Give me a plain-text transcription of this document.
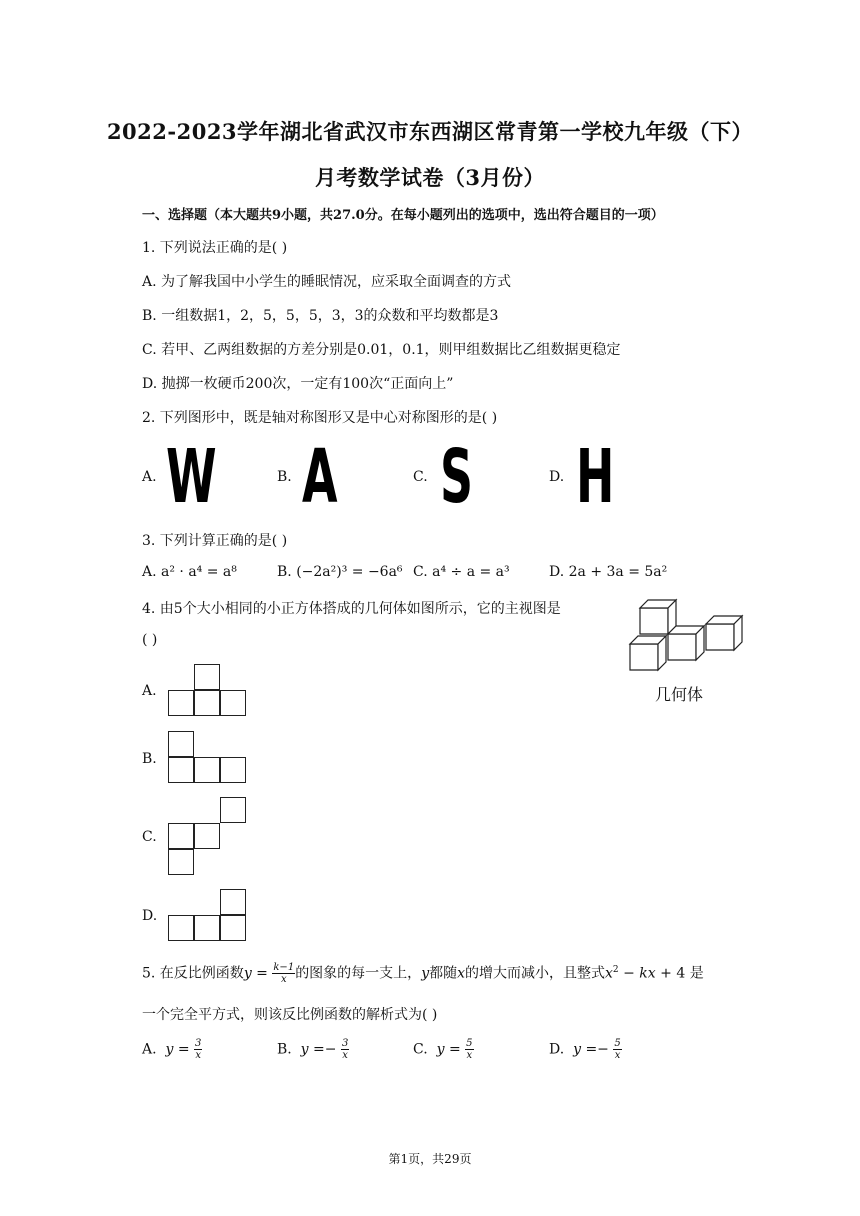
2022-2023学年湖北省武汉市东西湖区常青第一学校九年级（下）
月考数学试卷（3月份）
一、选择题（本大题共9小题，共27.0分。在每小题列出的选项中，选出符合题目的一项）
1. 下列说法正确的是( )
A. 为了解我国中小学生的睡眠情况，应采取全面调查的方式
B. 一组数据1，2，5，5，5，3，3的众数和平均数都是3
C. 若甲、乙两组数据的方差分别是0.01，0.1，则甲组数据比乙组数据更稳定
D. 抛掷一枚硬币200次，一定有100次“正面向上”
2. 下列图形中，既是轴对称图形又是中心对称图形的是( )
A. W	B. A	C. S	D. H
3. 下列计算正确的是( )
A. a² · a⁴ = a⁸	B. (−2a²)³ = −6a⁶ C. a⁴ ÷ a = a³	D. 2a + 3a = 5a²
4. 由5个大小相同的小正方体搭成的几何体如图所示，它的主视图是
( )
几何体
A.
B.
C.
D.
5. 在反比例函数$y = \frac{k-1}{x}$ 的图象的每一支上，y都随x的增大而减小，且整式$x^2$ − kx + 4 是
一个完全平方式，则该反比例函数的解析式为( )
A. $y = \frac{3}{x}$	B. $y =- \frac{3}{x}$	C. $y = \frac{5}{x}$	D. $y =- \frac{5}{x}$
第1页，共29页
